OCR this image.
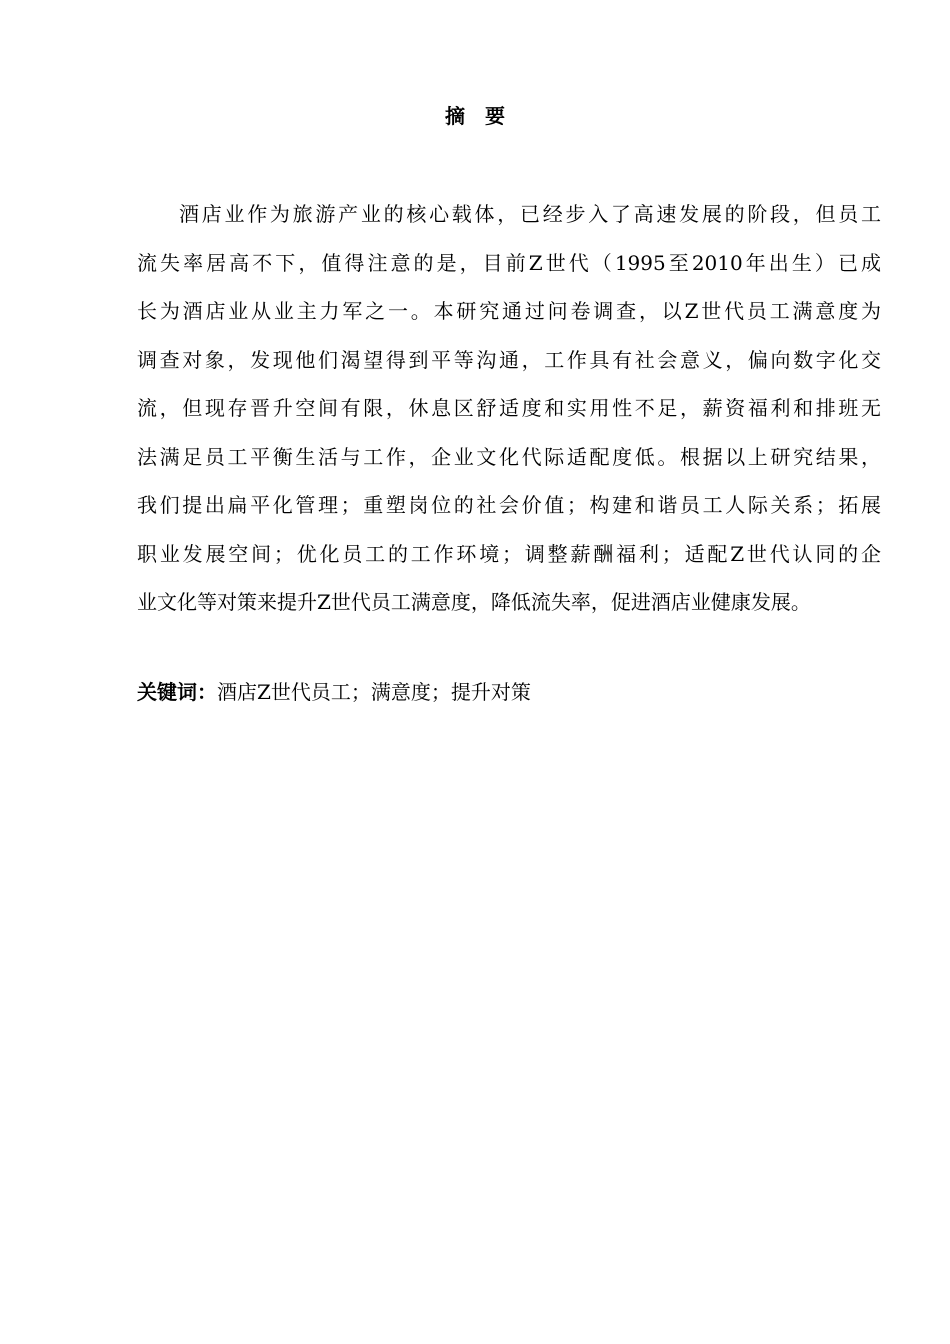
摘 要
酒店业作为旅游产业的核心载体，已经步入了高速发展的阶段，但员工
流失率居高不下，值得注意的是，目前Z世代（1995至2010年出生）已成
长为酒店业从业主力军之一。本研究通过问卷调查，以Z世代员工满意度为
调查对象，发现他们渴望得到平等沟通，工作具有社会意义，偏向数字化交
流，但现存晋升空间有限，休息区舒适度和实用性不足，薪资福利和排班无
法满足员工平衡生活与工作，企业文化代际适配度低。根据以上研究结果，
我们提出扁平化管理；重塑岗位的社会价值；构建和谐员工人际关系；拓展
职业发展空间；优化员工的工作环境；调整薪酬福利；适配Z世代认同的企
业文化等对策来提升Z世代员工满意度，降低流失率，促进酒店业健康发展。
关键词：酒店Z世代员工；满意度；提升对策
